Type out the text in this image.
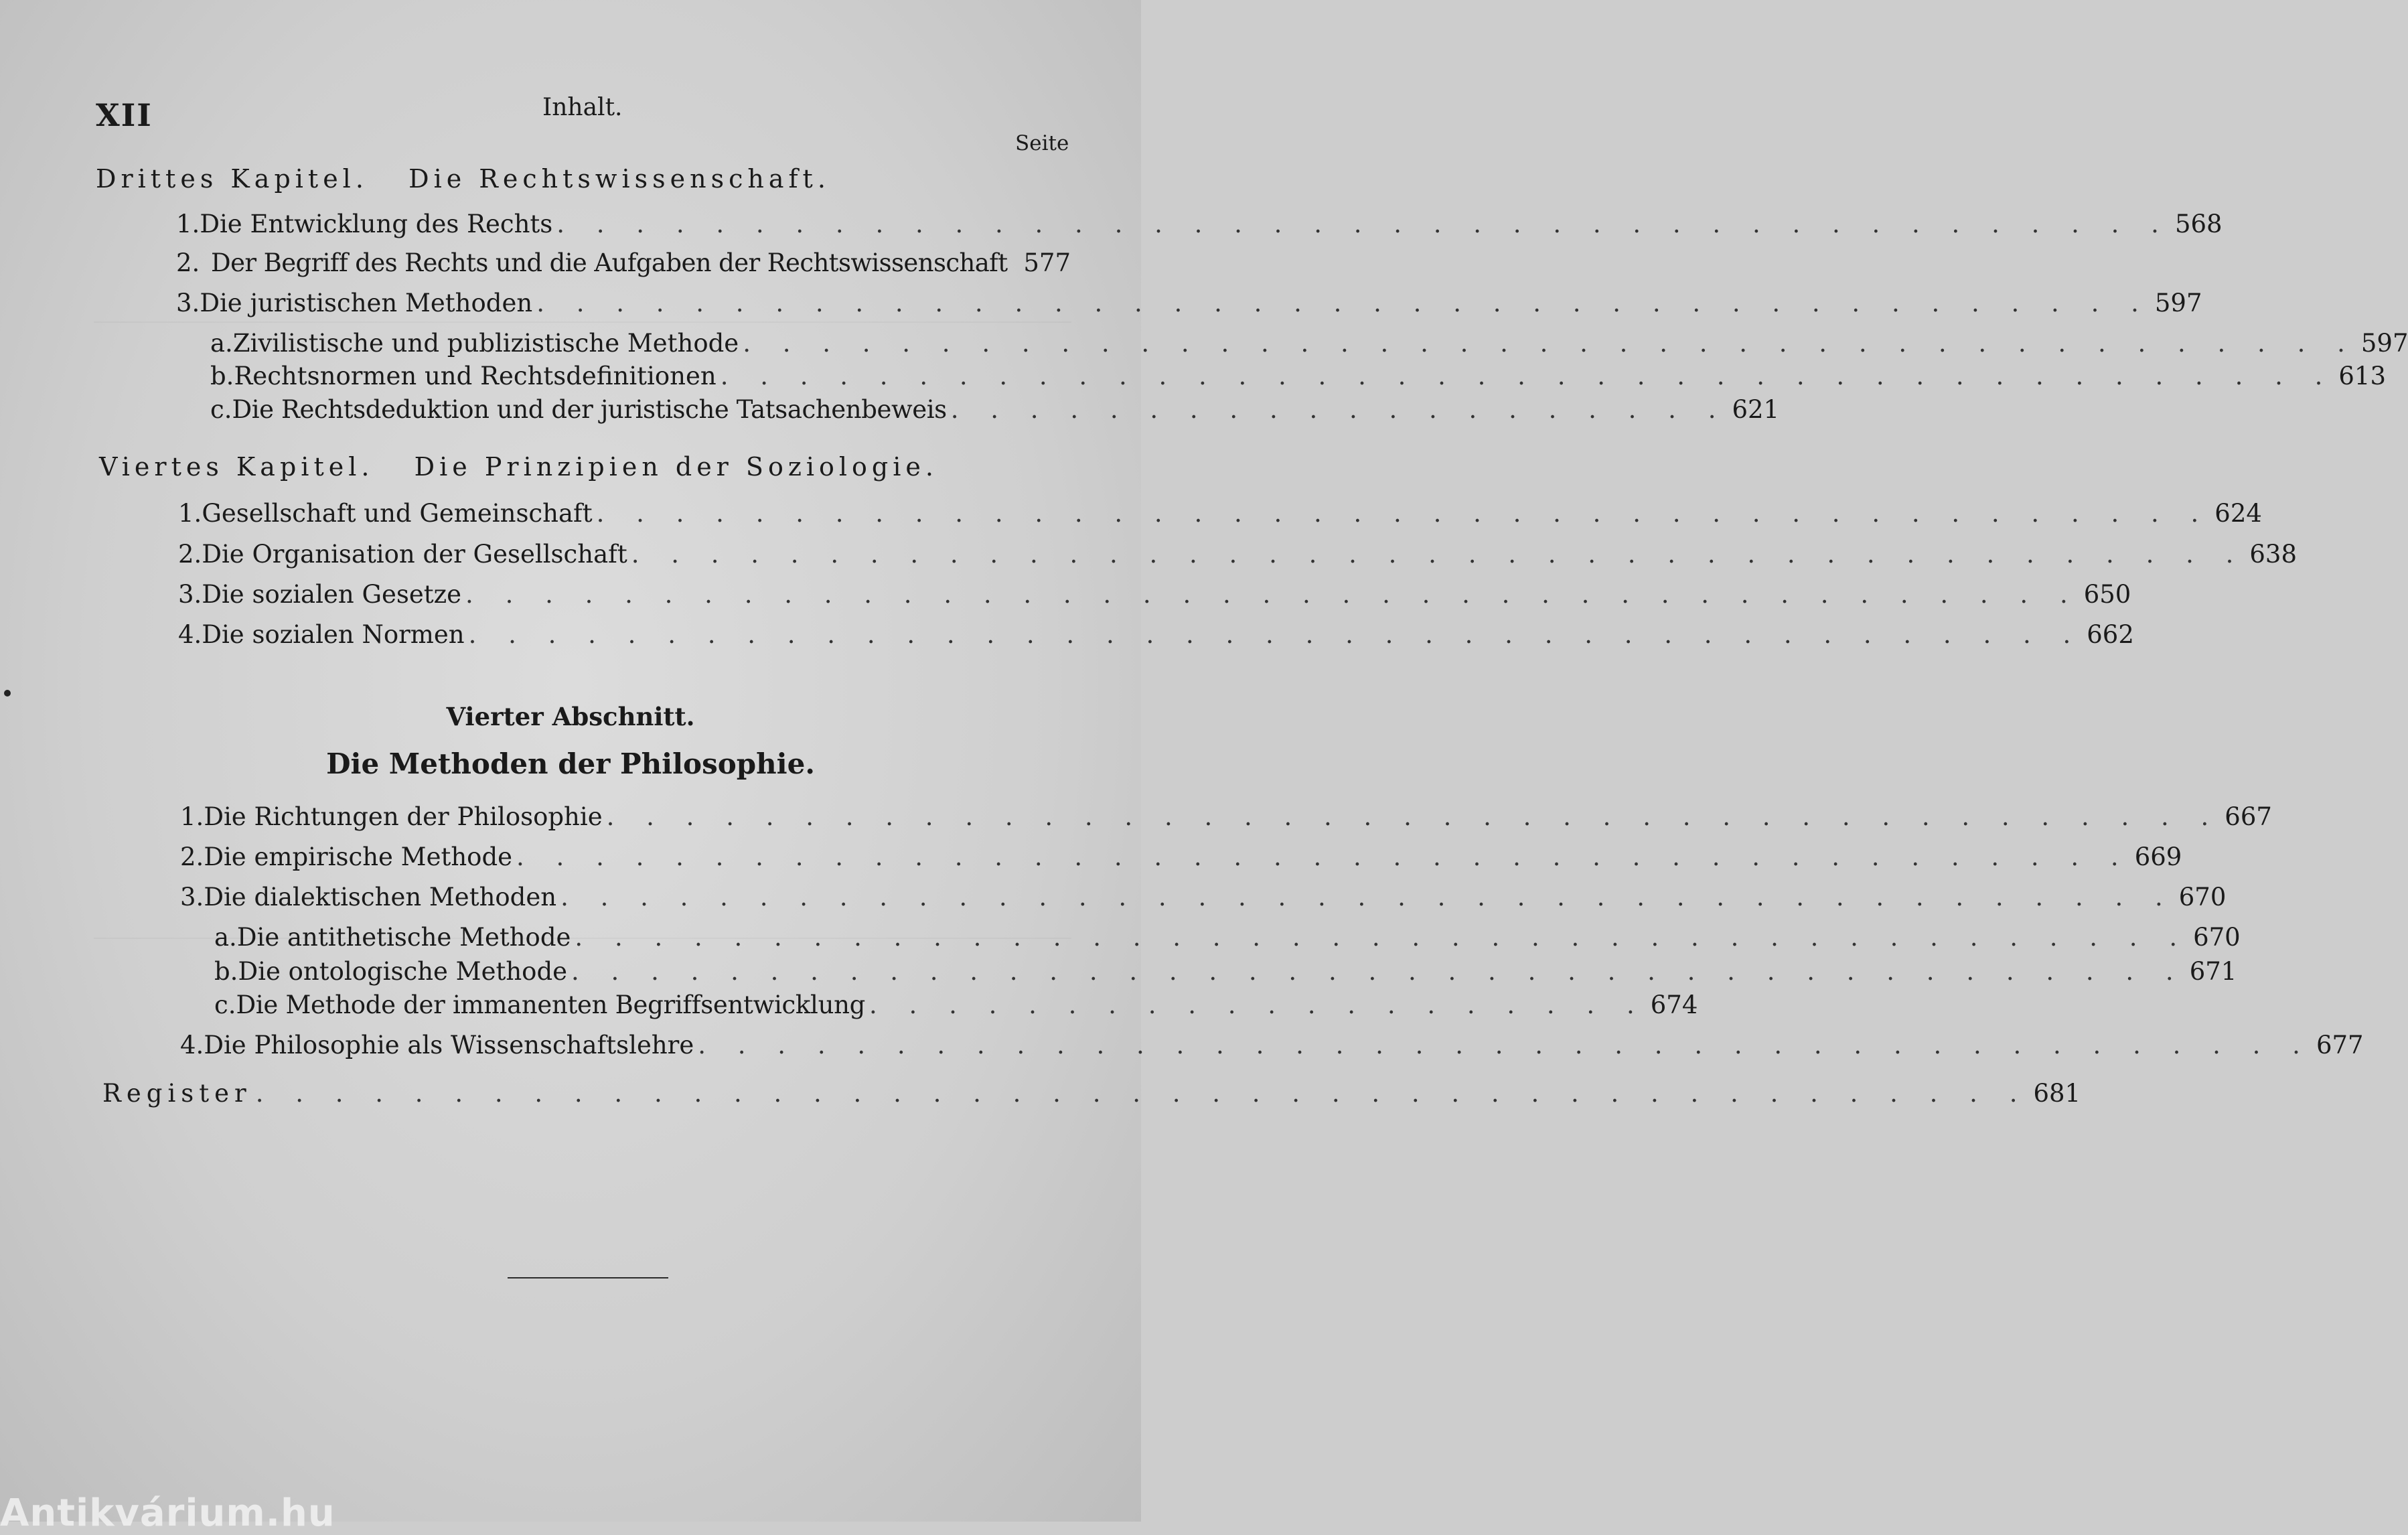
XII	Inhalt.
Seite
Drittes Kapitel. Die Rechtswissenschaft.
1. Die Entwicklung des Rechts . . . . . . . . . . . . . . . . . . . . . . . . . . . . . . . . . . . . . . . . . 568
2. Der Begriff des Rechts und die Aufgaben der Rechtswissenschaft 577
3. Die juristischen Methoden . . . . . . . . . . . . . . . . . . . . . . . . . . . . . . . . . . . . . . . . . 597
a. Zivilistische und publizistische Methode . . . . . . . . . . . . . . . . . . . . . . . . . . . . . . . . . . . . . . . . . 597
b. Rechtsnormen und Rechtsdefinitionen . . . . . . . . . . . . . . . . . . . . . . . . . . . . . . . . . . . . . . . . . 613
c. Die Rechtsdeduktion und der juristische Tatsachenbeweis . . . . . . . . . . . . . . . . . . . . 621
Viertes Kapitel. Die Prinzipien der Soziologie.
1. Gesellschaft und Gemeinschaft . . . . . . . . . . . . . . . . . . . . . . . . . . . . . . . . . . . . . . . . . 624
2. Die Organisation der Gesellschaft . . . . . . . . . . . . . . . . . . . . . . . . . . . . . . . . . . . . . . . . . 638
3. Die sozialen Gesetze . . . . . . . . . . . . . . . . . . . . . . . . . . . . . . . . . . . . . . . . . 650
4. Die sozialen Normen . . . . . . . . . . . . . . . . . . . . . . . . . . . . . . . . . . . . . . . . . 662
Vierter Abschnitt.
Die Methoden der Philosophie.
1. Die Richtungen der Philosophie . . . . . . . . . . . . . . . . . . . . . . . . . . . . . . . . . . . . . . . . . 667
2. Die empirische Methode . . . . . . . . . . . . . . . . . . . . . . . . . . . . . . . . . . . . . . . . . 669
3. Die dialektischen Methoden . . . . . . . . . . . . . . . . . . . . . . . . . . . . . . . . . . . . . . . . . 670
a. Die antithetische Methode . . . . . . . . . . . . . . . . . . . . . . . . . . . . . . . . . . . . . . . . . 670
b. Die ontologische Methode . . . . . . . . . . . . . . . . . . . . . . . . . . . . . . . . . . . . . . . . . 671
c. Die Methode der immanenten Begriffsentwicklung . . . . . . . . . . . . . . . . . . . . 674
4. Die Philosophie als Wissenschaftslehre . . . . . . . . . . . . . . . . . . . . . . . . . . . . . . . . . . . . . . . . . 677
Register . . . . . . . . . . . . . . . . . . . . . . . . . . . . . . . . . . . . . . . . . . . . . 681
Antikvárium.hu
